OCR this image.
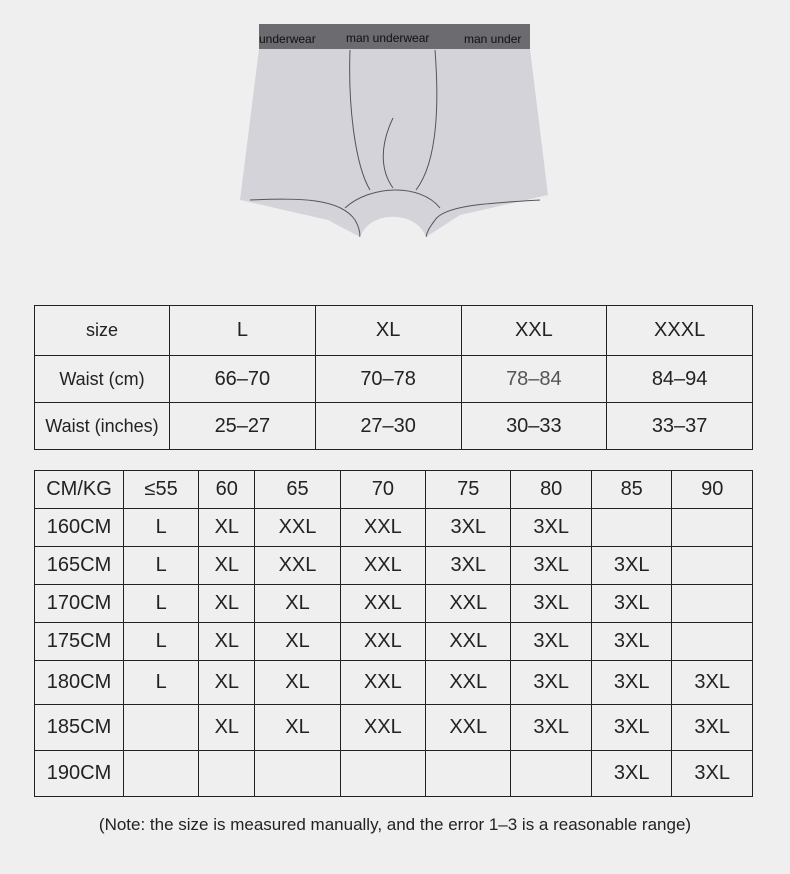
underwear	man underwear	man under
size	L	XL	XXL	XXXL
Waist (cm)	66–70	70–78	78–84	84–94
Waist (inches)	25–27	27–30	30–33	33–37
CM/KG	≤55	60	65	70	75	80	85	90
160CM	L	XL	XXL	XXL	3XL	3XL		
165CM	L	XL	XXL	XXL	3XL	3XL	3XL	
170CM	L	XL	XL	XXL	XXL	3XL	3XL	
175CM	L	XL	XL	XXL	XXL	3XL	3XL	
180CM	L	XL	XL	XXL	XXL	3XL	3XL	3XL
185CM		XL	XL	XXL	XXL	3XL	3XL	3XL
190CM							3XL	3XL
(Note: the size is measured manually, and the error 1–3 is a reasonable range)
